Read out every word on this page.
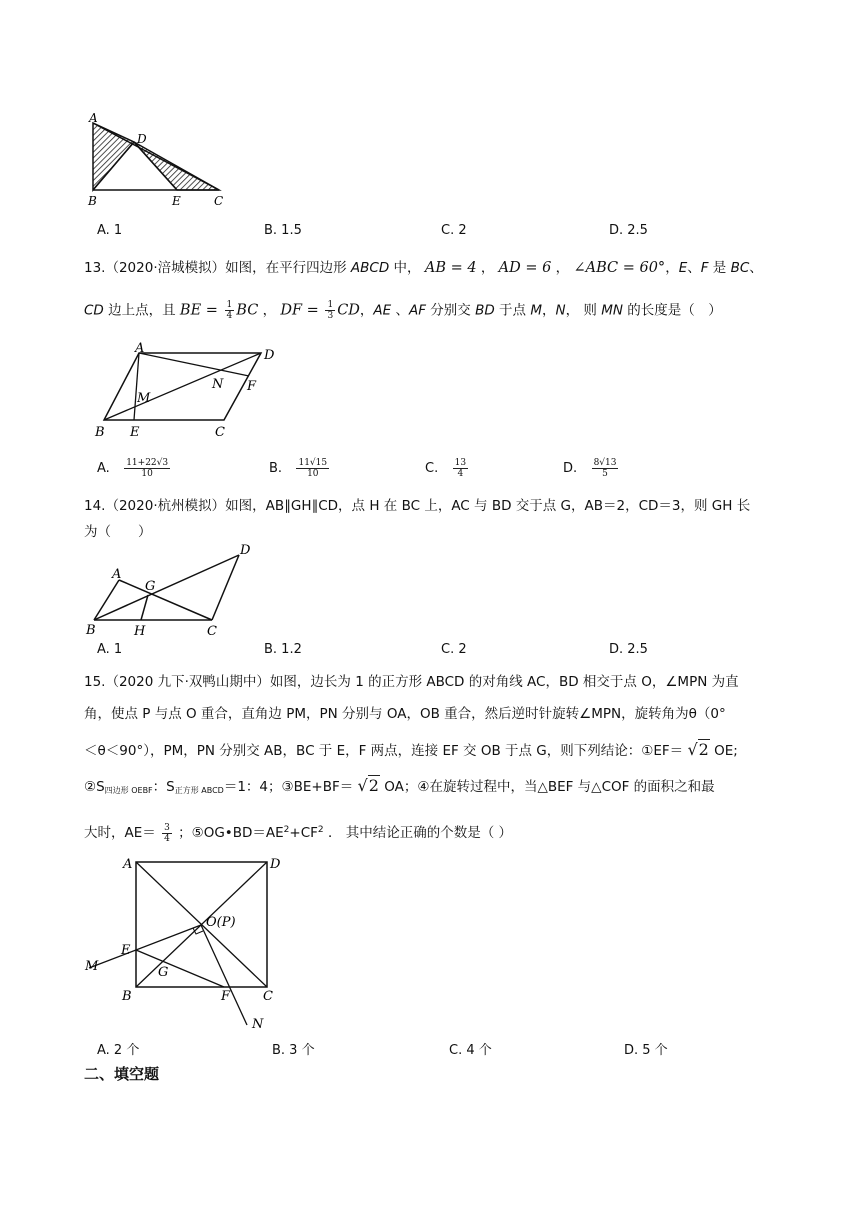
A
D
B	E	C
A. 1	B. 1.5	C. 2	D. 2.5
13.（2020·涪城模拟）如图，在平行四边形 ABCD 中， AB = 4 ， AD = 6 ， ∠ABC = 60°，E、F 是 BC、
CD 边上点，且 BE = $\frac{1}{4}$ BC ， DF = $\frac{1}{3}$ CD，AE 、AF 分别交 BD 于点 M，N， 则 MN 的长度是（　）
A	D
M
N F
B E	C
A. $\frac{11+22√3}{10}$	B. $\frac{11√15}{10}$	C. $\frac{13}{4}$	D. $\frac{8√13}{5}$
14.（2020·杭州模拟）如图，AB∥GH∥CD，点 H 在 BC 上，AC 与 BD 交于点 G，AB＝2，CD＝3，则 GH 长
为（　　）
D
A
G
B	H	C
A. 1	B. 1.2	C. 2	D. 2.5
15.（2020 九下·双鸭山期中）如图，边长为 1 的正方形 ABCD 的对角线 AC，BD 相交于点 O，∠MPN 为直
角，使点 P 与点 O 重合，直角边 PM，PN 分别与 OA，OB 重合，然后逆时针旋转∠MPN，旋转角为θ（0°
＜θ＜90°），PM，PN 分别交 AB，BC 于 E，F 两点，连接 EF 交 OB 于点 G，则下列结论：①EF＝ √2 OE;
$②S_{四边形 OEBF}$：$S_{正方形 ABCD}=1$：4；③BE+BF＝ √2 OA；④在旋转过程中，当△BEF 与△COF 的面积之和最
大时，$AE= \frac{3}{4}$ ；$⑤OG•BD=AE^2+CF^2$ ． 其中结论正确的个数是（ ）
A	D
O(P)
E
M	G
B	F	C
N
A. 2 个	B. 3 个	C. 4 个	D. 5 个
二、填空题
